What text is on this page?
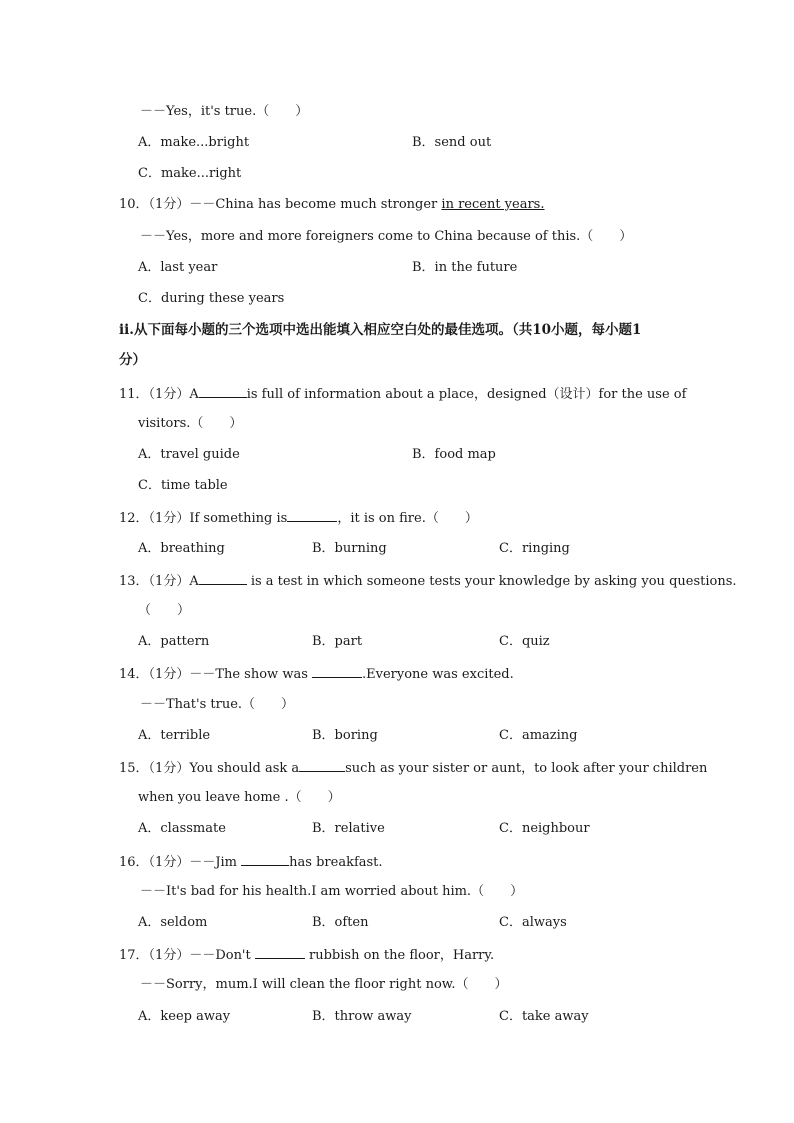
－－Yes，it's true.（　　）
A．make...bright	B．send out
C．make...right
10．（1分）－－China has become much stronger in recent years.
－－Yes，more and more foreigners come to China because of this.（　　）
A．last year	B．in the future
C．during these years
ii.从下面每小题的三个选项中选出能填入相应空白处的最佳选项。（共10小题，每小题1
分）
11．（1分）A	is full of information about a place，designed（设计）for the use of
visitors.（　　）
A．travel guide	B．food map
C．time table
12．（1分）If something is	，it is on fire.（　　）
A．breathing	B．burning	C．ringing
13．（1分）A	is a test in which someone tests your knowledge by asking you questions.
（　　）
A．pattern	B．part	C．quiz
14．（1分）－－The show was	.Everyone was excited.
－－That's true.（　　）
A．terrible	B．boring	C．amazing
15．（1分）You should ask a	such as your sister or aunt，to look after your children
when you leave home .（　　）
A．classmate	B．relative	C．neighbour
16．（1分）－－Jim	has breakfast.
－－It's bad for his health.I am worried about him.（　　）
A．seldom	B．often	C．always
17．（1分）－－Don't	rubbish on the floor，Harry.
－－Sorry，mum.I will clean the floor right now.（　　）
A．keep away	B．throw away	C．take away
